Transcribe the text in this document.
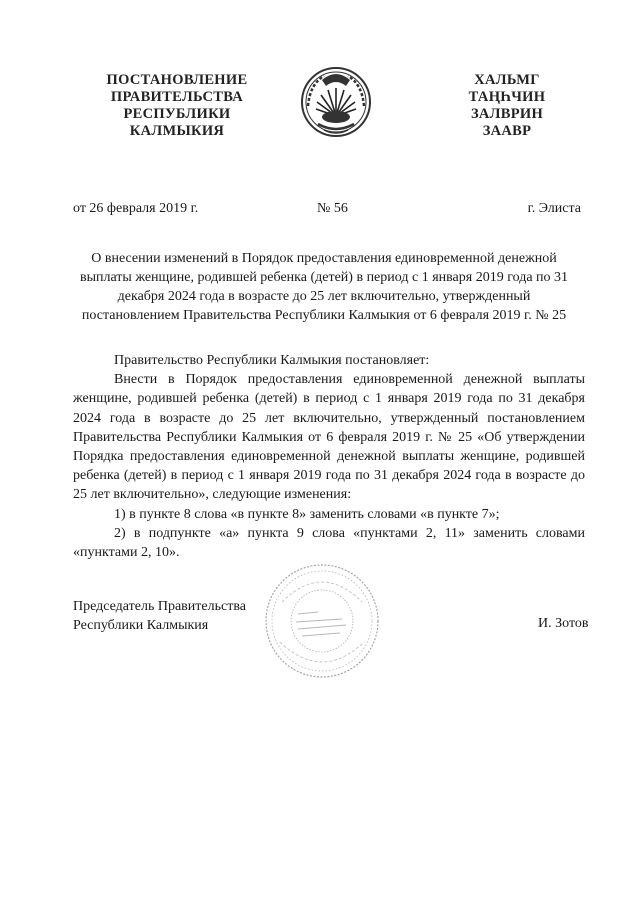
ПОСТАНОВЛЕНИЕ
ПРАВИТЕЛЬСТВА
РЕСПУБЛИКИ
КАЛМЫКИЯ
ХАЛЬМГ
ТАҢҺЧИН
ЗАЛВРИН
ЗААВР
от 26 февраля 2019 г.	№ 56	г. Элиста
О внесении изменений в Порядок предоставления единовременной денежной
выплаты женщине, родившей ребенка (детей) в период с 1 января 2019 года по 31
декабря 2024 года в возрасте до 25 лет включительно, утвержденный
постановлением Правительства Республики Калмыкия от 6 февраля 2019 г. № 25

Правительство Республики Калмыкия постановляет:

Внести в Порядок предоставления единовременной денежной выплаты женщине, родившей ребенка (детей) в период с 1 января 2019 года по 31 декабря 2024 года в возрасте до 25 лет включительно, утвержденный постановлением Правительства Республики Калмыкия от 6 февраля 2019 г. № 25 «Об утверждении Порядка предоставления единовременной денежной выплаты женщине, родившей ребенка (детей) в период с 1 января 2019 года по 31 декабря 2024 года в возрасте до 25 лет включительно», следующие изменения:

1) в пункте 8 слова «в пункте 8» заменить словами «в пункте 7»;

2) в подпункте «а» пункта 9 слова «пунктами 2, 11» заменить словами «пунктами 2, 10».

Председатель Правительства
Республики Калмыкия	И. Зотов
